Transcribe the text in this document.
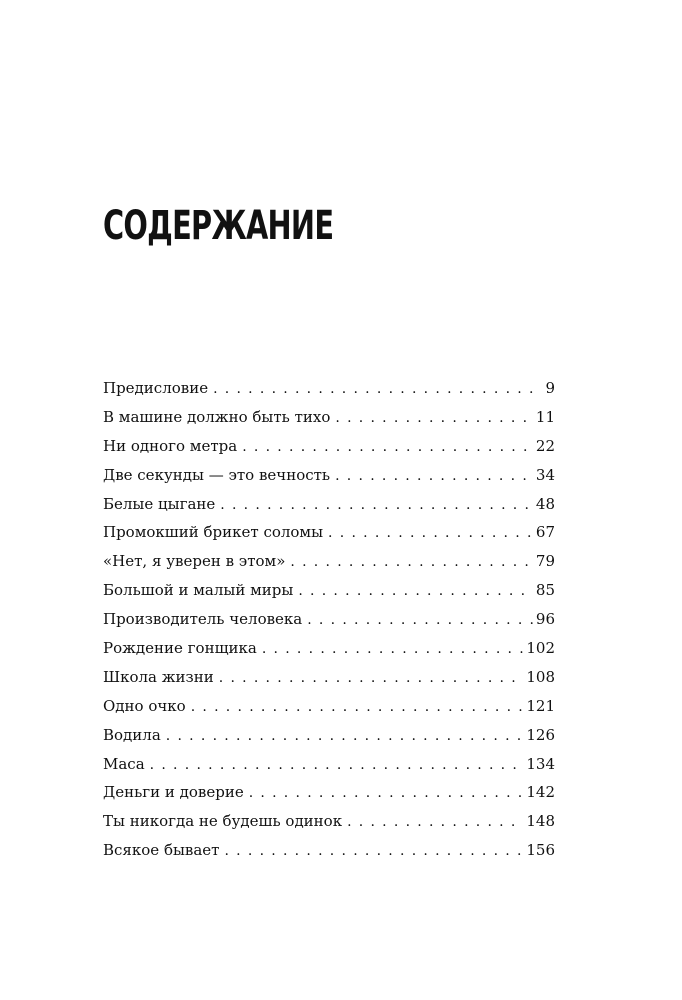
СОДЕРЖАНИЕ
Предисловие . . .	9
В машине должно быть тихо . . .	11
Ни одного метра . . .	22
Две секунды — это вечность . . .	34
Белые цыгане . . .	48
Промокший брикет соломы . . .	67
«Нет, я уверен в этом» . . .	79
Большой и малый миры . . .	85
Производитель человека . . .	96
Рождение гонщика . . .	102
Школа жизни . . .	108
Одно очко . . .	121
Водила . . .	126
Маса . . .	134
Деньги и доверие . . .	142
Ты никогда не будешь одинок . . .	148
Всякое бывает . . .	156
